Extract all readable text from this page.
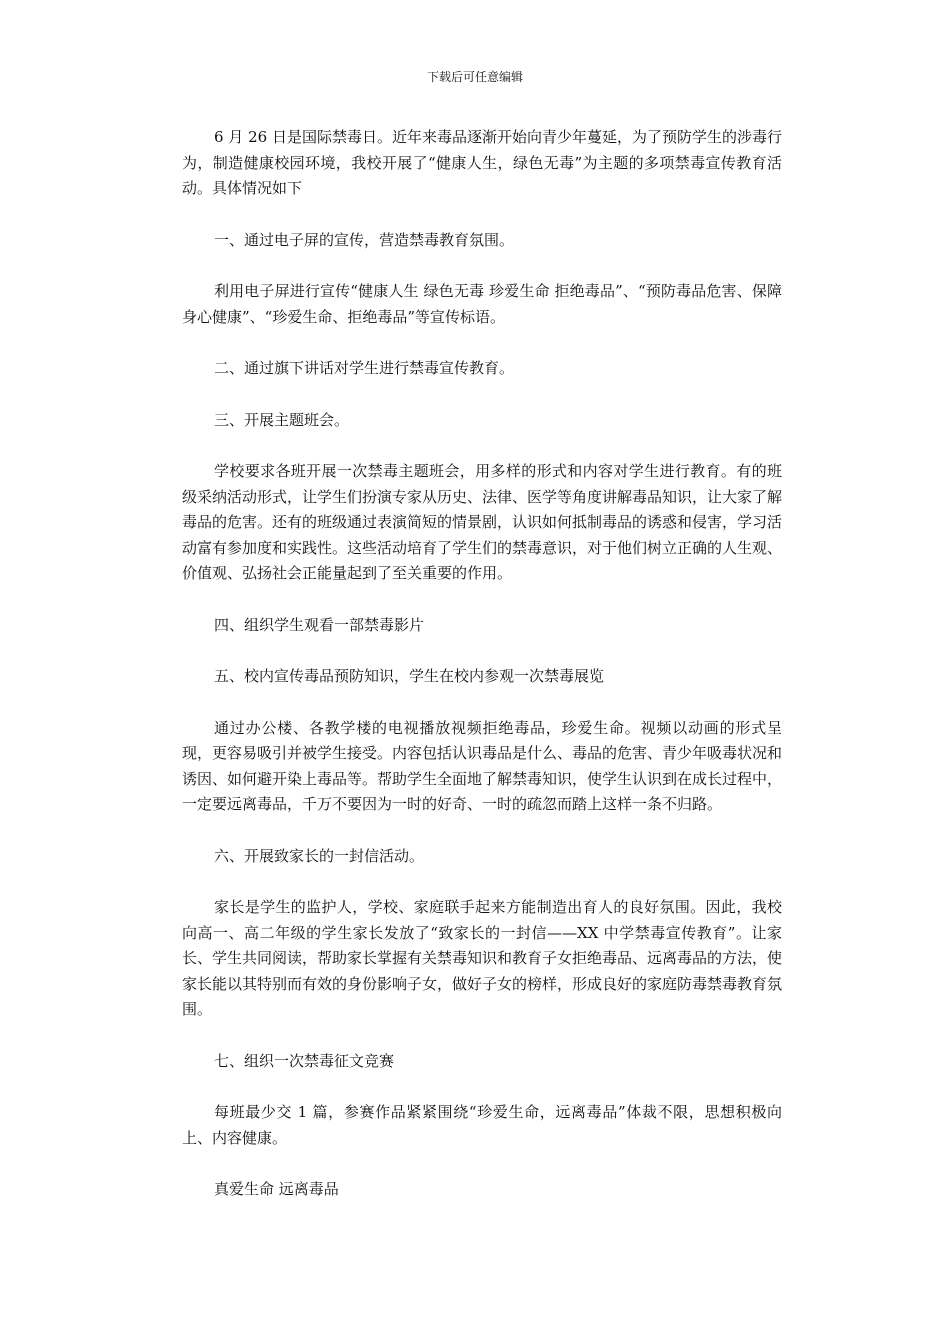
下载后可任意编辑

6 月 26 日是国际禁毒日。近年来毒品逐渐开始向青少年蔓延，为了预防学生的涉毒行为，制造健康校园环境，我校开展了“健康人生，绿色无毒”为主题的多项禁毒宣传教育活动。具体情况如下

一、通过电子屏的宣传，营造禁毒教育氛围。

利用电子屏进行宣传“健康人生 绿色无毒 珍爱生命 拒绝毒品”、“预防毒品危害、保障身心健康”、“珍爱生命、拒绝毒品”等宣传标语。

二、通过旗下讲话对学生进行禁毒宣传教育。

三、开展主题班会。

学校要求各班开展一次禁毒主题班会，用多样的形式和内容对学生进行教育。有的班级采纳活动形式，让学生们扮演专家从历史、法律、医学等角度讲解毒品知识，让大家了解毒品的危害。还有的班级通过表演简短的情景剧，认识如何抵制毒品的诱惑和侵害，学习活动富有参加度和实践性。这些活动培育了学生们的禁毒意识，对于他们树立正确的人生观、价值观、弘扬社会正能量起到了至关重要的作用。

四、组织学生观看一部禁毒影片

五、校内宣传毒品预防知识，学生在校内参观一次禁毒展览

通过办公楼、各教学楼的电视播放视频拒绝毒品，珍爱生命。视频以动画的形式呈现，更容易吸引并被学生接受。内容包括认识毒品是什么、毒品的危害、青少年吸毒状况和诱因、如何避开染上毒品等。帮助学生全面地了解禁毒知识，使学生认识到在成长过程中，一定要远离毒品，千万不要因为一时的好奇、一时的疏忽而踏上这样一条不归路。

六、开展致家长的一封信活动。

家长是学生的监护人，学校、家庭联手起来方能制造出育人的良好氛围。因此，我校向高一、高二年级的学生家长发放了“致家长的一封信——XX 中学禁毒宣传教育”。让家长、学生共同阅读，帮助家长掌握有关禁毒知识和教育子女拒绝毒品、远离毒品的方法，使家长能以其特别而有效的身份影响子女，做好子女的榜样，形成良好的家庭防毒禁毒教育氛围。

七、组织一次禁毒征文竞赛

每班最少交 1 篇，参赛作品紧紧围绕“珍爱生命，远离毒品”体裁不限，思想积极向上、内容健康。

真爱生命 远离毒品
